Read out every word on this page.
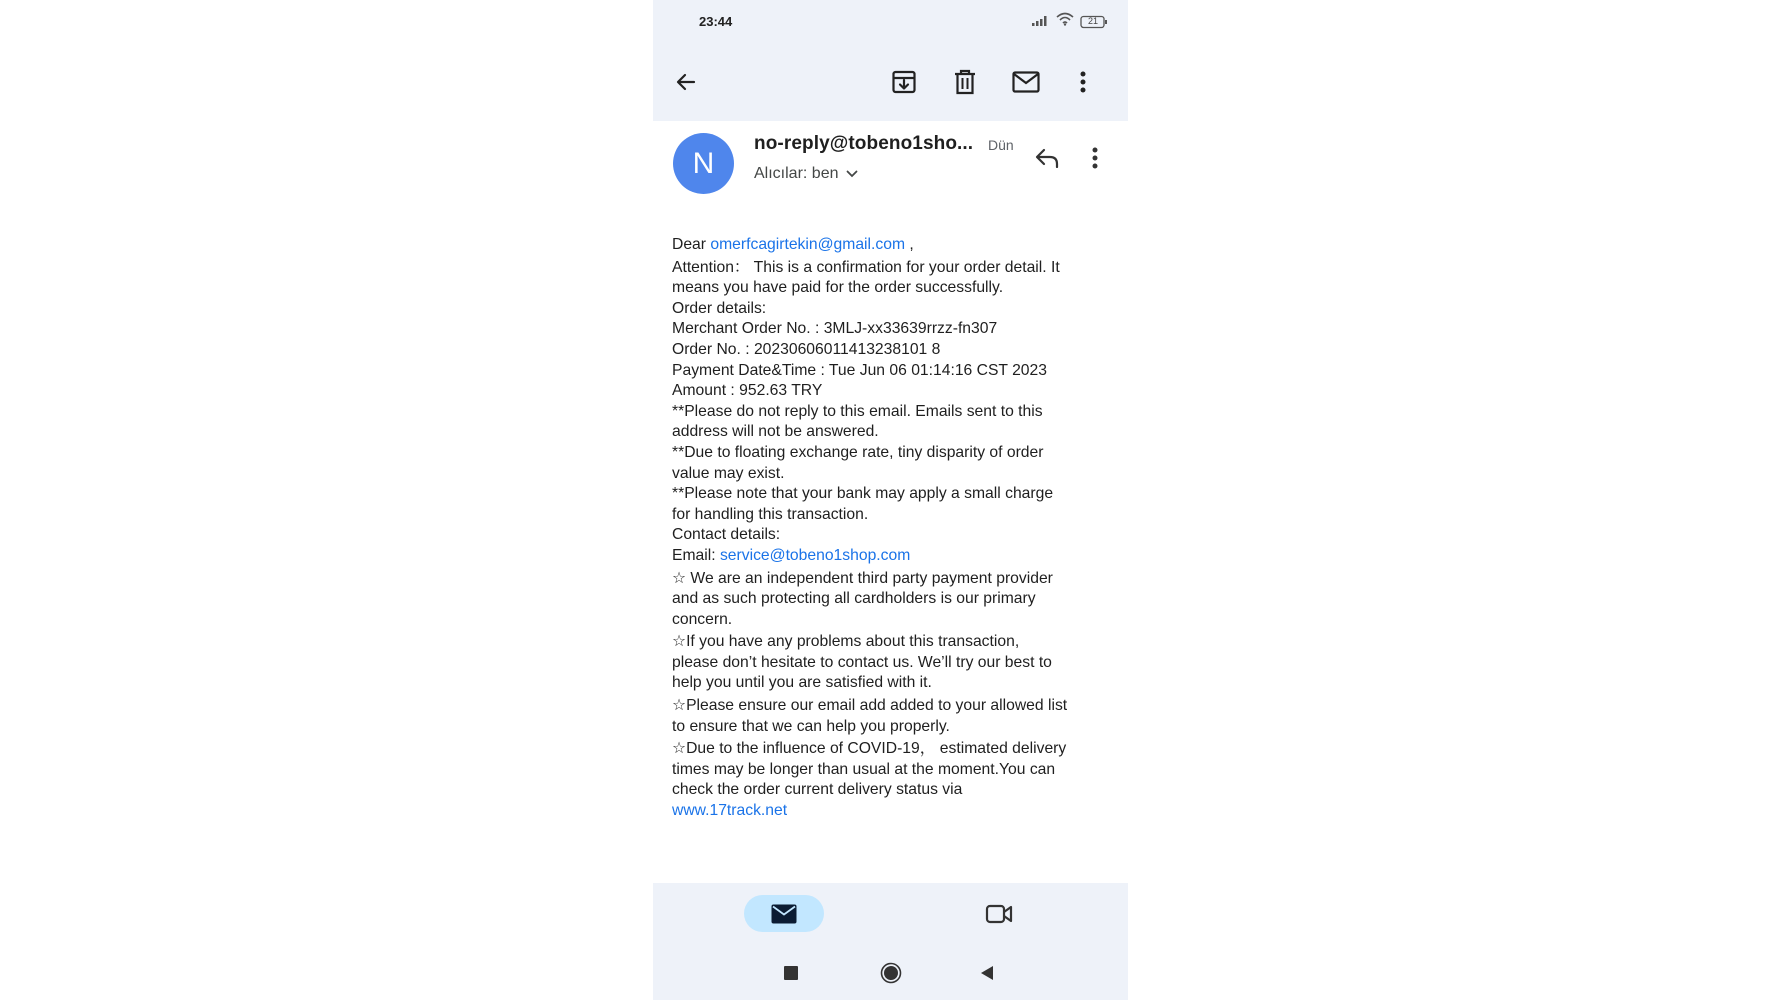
23:44	21
N
no-reply@tobeno1sho... Dün
Alıcılar: ben
Dear omerfcagirtekin@gmail.com ,
Attention： This is a confirmation for your order detail. It
means you have paid for the order successfully.
Order details:
Merchant Order No. : 3MLJ-xx33639rrzz-fn307
Order No. : 20230606011413238101 8
Payment Date&Time : Tue Jun 06 01:14:16 CST 2023
Amount : 952.63 TRY
**Please do not reply to this email. Emails sent to this
address will not be answered.
**Due to floating exchange rate, tiny disparity of order
value may exist.
**Please note that your bank may apply a small charge
for handling this transaction.
Contact details:
Email: service@tobeno1shop.com
☆ We are an independent third party payment provider
and as such protecting all cardholders is our primary
concern.
☆If you have any problems about this transaction,
please don’t hesitate to contact us. We’ll try our best to
help you until you are satisfied with it.
☆Please ensure our email add added to your allowed list
to ensure that we can help you properly.
☆Due to the influence of COVID-19， estimated delivery
times may be longer than usual at the moment.You can
check the order current delivery status via
www.17track.net
